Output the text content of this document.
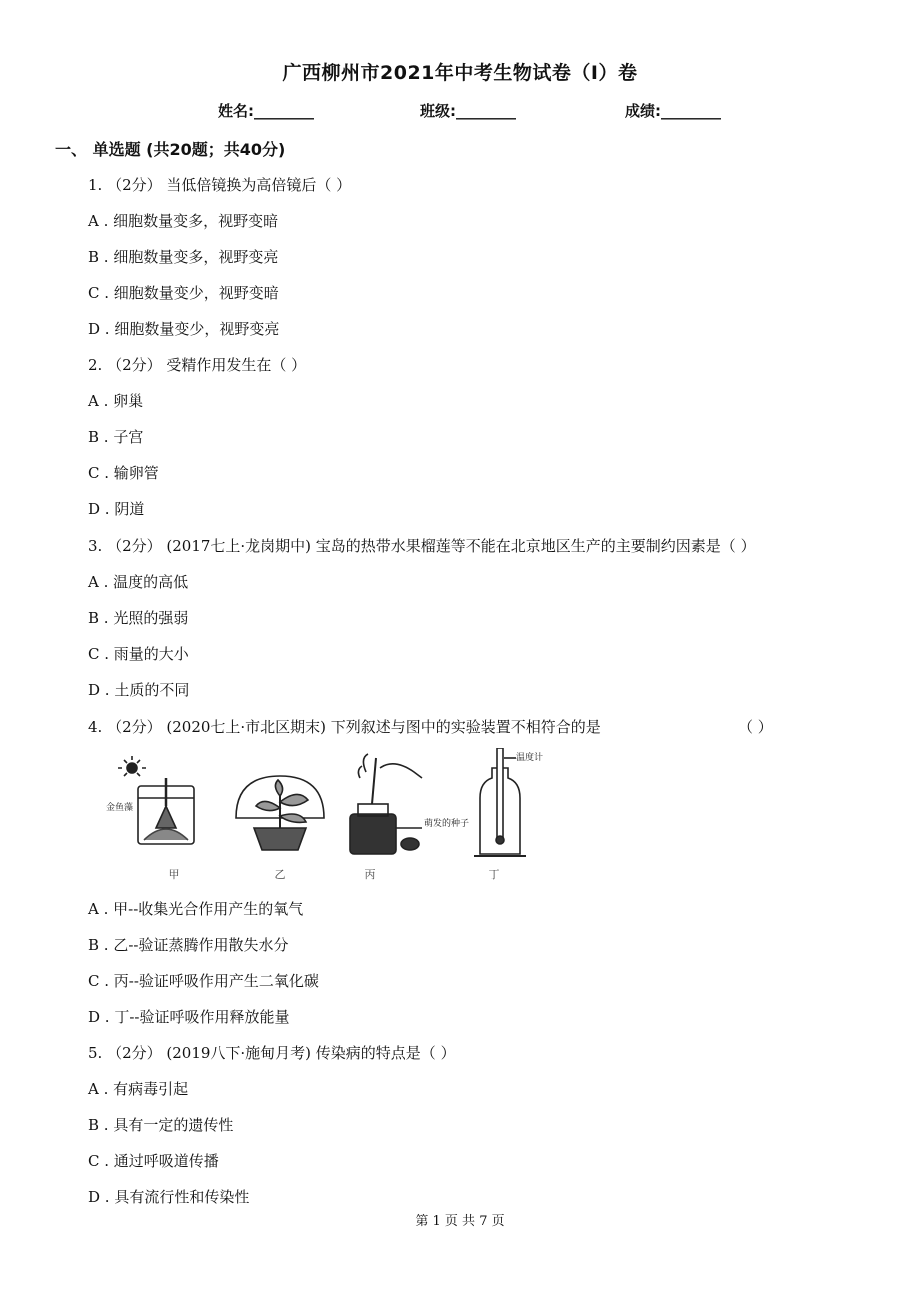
广西柳州市2021年中考生物试卷（I）卷
姓名:________	班级:________	成绩:________
一、 单选题 (共20题；共40分)
1. （2分） 当低倍镜换为高倍镜后（ ）
A . 细胞数量变多，视野变暗
B . 细胞数量变多，视野变亮
C . 细胞数量变少，视野变暗
D . 细胞数量变少，视野变亮
2. （2分） 受精作用发生在（ ）
A . 卵巢
B . 子宫
C . 输卵管
D . 阴道
3. （2分） (2017七上·龙岗期中) 宝岛的热带水果榴莲等不能在北京地区生产的主要制约因素是（ ）
A . 温度的高低
B . 光照的强弱
C . 雨量的大小
D . 土质的不同
4. （2分） (2020七上·市北区期末) 下列叙述与图中的实验装置不相符合的是	（ ）
金鱼藻
萌发的种子
温度计
甲	乙	丙	丁
A . 甲--收集光合作用产生的氧气
B . 乙--验证蒸腾作用散失水分
C . 丙--验证呼吸作用产生二氧化碳
D . 丁--验证呼吸作用释放能量
5. （2分） (2019八下·施甸月考) 传染病的特点是（ ）
A . 有病毒引起
B . 具有一定的遗传性
C . 通过呼吸道传播
D . 具有流行性和传染性
第 1 页 共 7 页
